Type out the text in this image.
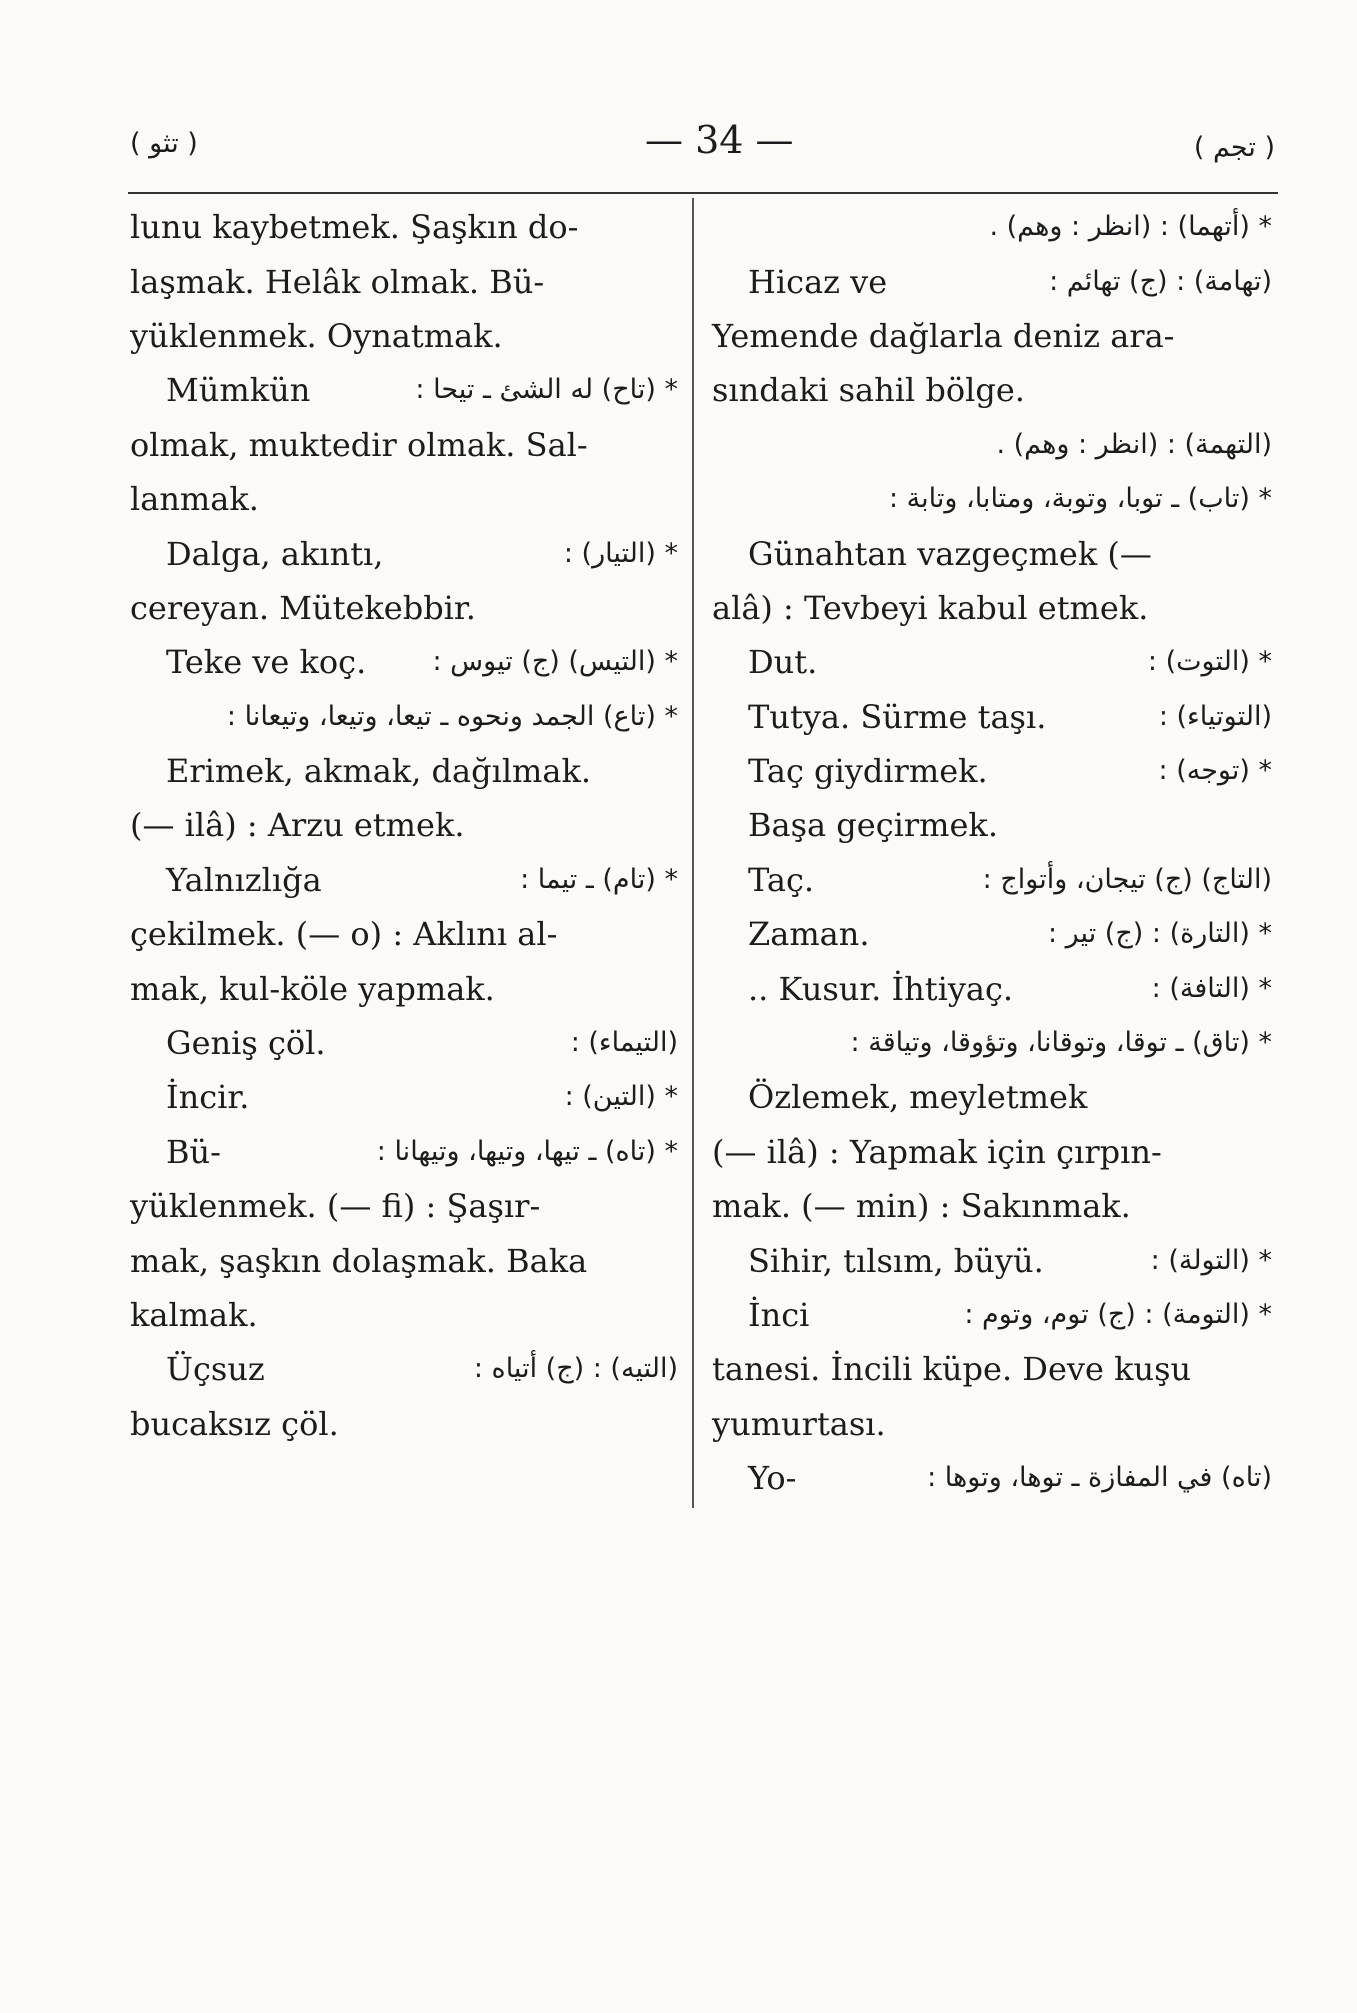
( تثو )	— 34 —	( تجم )
lunu kaybetmek. Şaşkın do-
laşmak. Helâk olmak. Bü-
yüklenmek. Oynatmak.
Mümkün	* (تاح) له الشئ ـ تيحا :
olmak, muktedir olmak. Sal-
lanmak.
Dalga, akıntı,	* (التيار) :
cereyan. Mütekebbir.
Teke ve koç. * (التيس) (ج) تيوس :
* (تاع) الجمد ونحوه ـ تيعا، وتيعا، وتيعانا :
Erimek, akmak, dağılmak.
(— ilâ) : Arzu etmek.
Yalnızlığa	* (تام) ـ تيما :
çekilmek. (— o) : Aklını al-
mak, kul-köle yapmak.
Geniş çöl.	(التيماء) :
İncir.	* (التين) :
Bü-	* (تاه) ـ تيها، وتيها، وتيهانا :
yüklenmek. (— fi) : Şaşır-
mak, şaşkın dolaşmak. Baka
kalmak.
Üçsuz	(التيه) : (ج) أتياه :
bucaksız çöl.
* (أتهما) : (انظر : وهم) .
Hicaz ve	(تهامة) : (ج) تهائم :
Yemende dağlarla deniz ara-
sındaki sahil bölge.
(التهمة) : (انظر : وهم) .
* (تاب) ـ توبا، وتوبة، ومتابا، وتابة :
Günahtan vazgeçmek (—
alâ) : Tevbeyi kabul etmek.
Dut.	* (التوت) :
Tutya. Sürme taşı.	(التوتياء) :
Taç giydirmek.	* (توجه) :
Başa geçirmek.
Taç.	(التاج) (ج) تيجان، وأتواج :
Zaman.	* (التارة) : (ج) تير :
.. Kusur. İhtiyaç.	* (التافة) :
* (تاق) ـ توقا، وتوقانا، وتؤوقا، وتياقة :
Özlemek, meyletmek
(— ilâ) : Yapmak için çırpın-
mak. (— min) : Sakınmak.
Sihir, tılsım, büyü.	* (التولة) :
İnci	* (التومة) : (ج) توم، وتوم :
tanesi. İncili küpe. Deve kuşu
yumurtası.
Yo-	(تاه) في المفازة ـ توها، وتوها :
